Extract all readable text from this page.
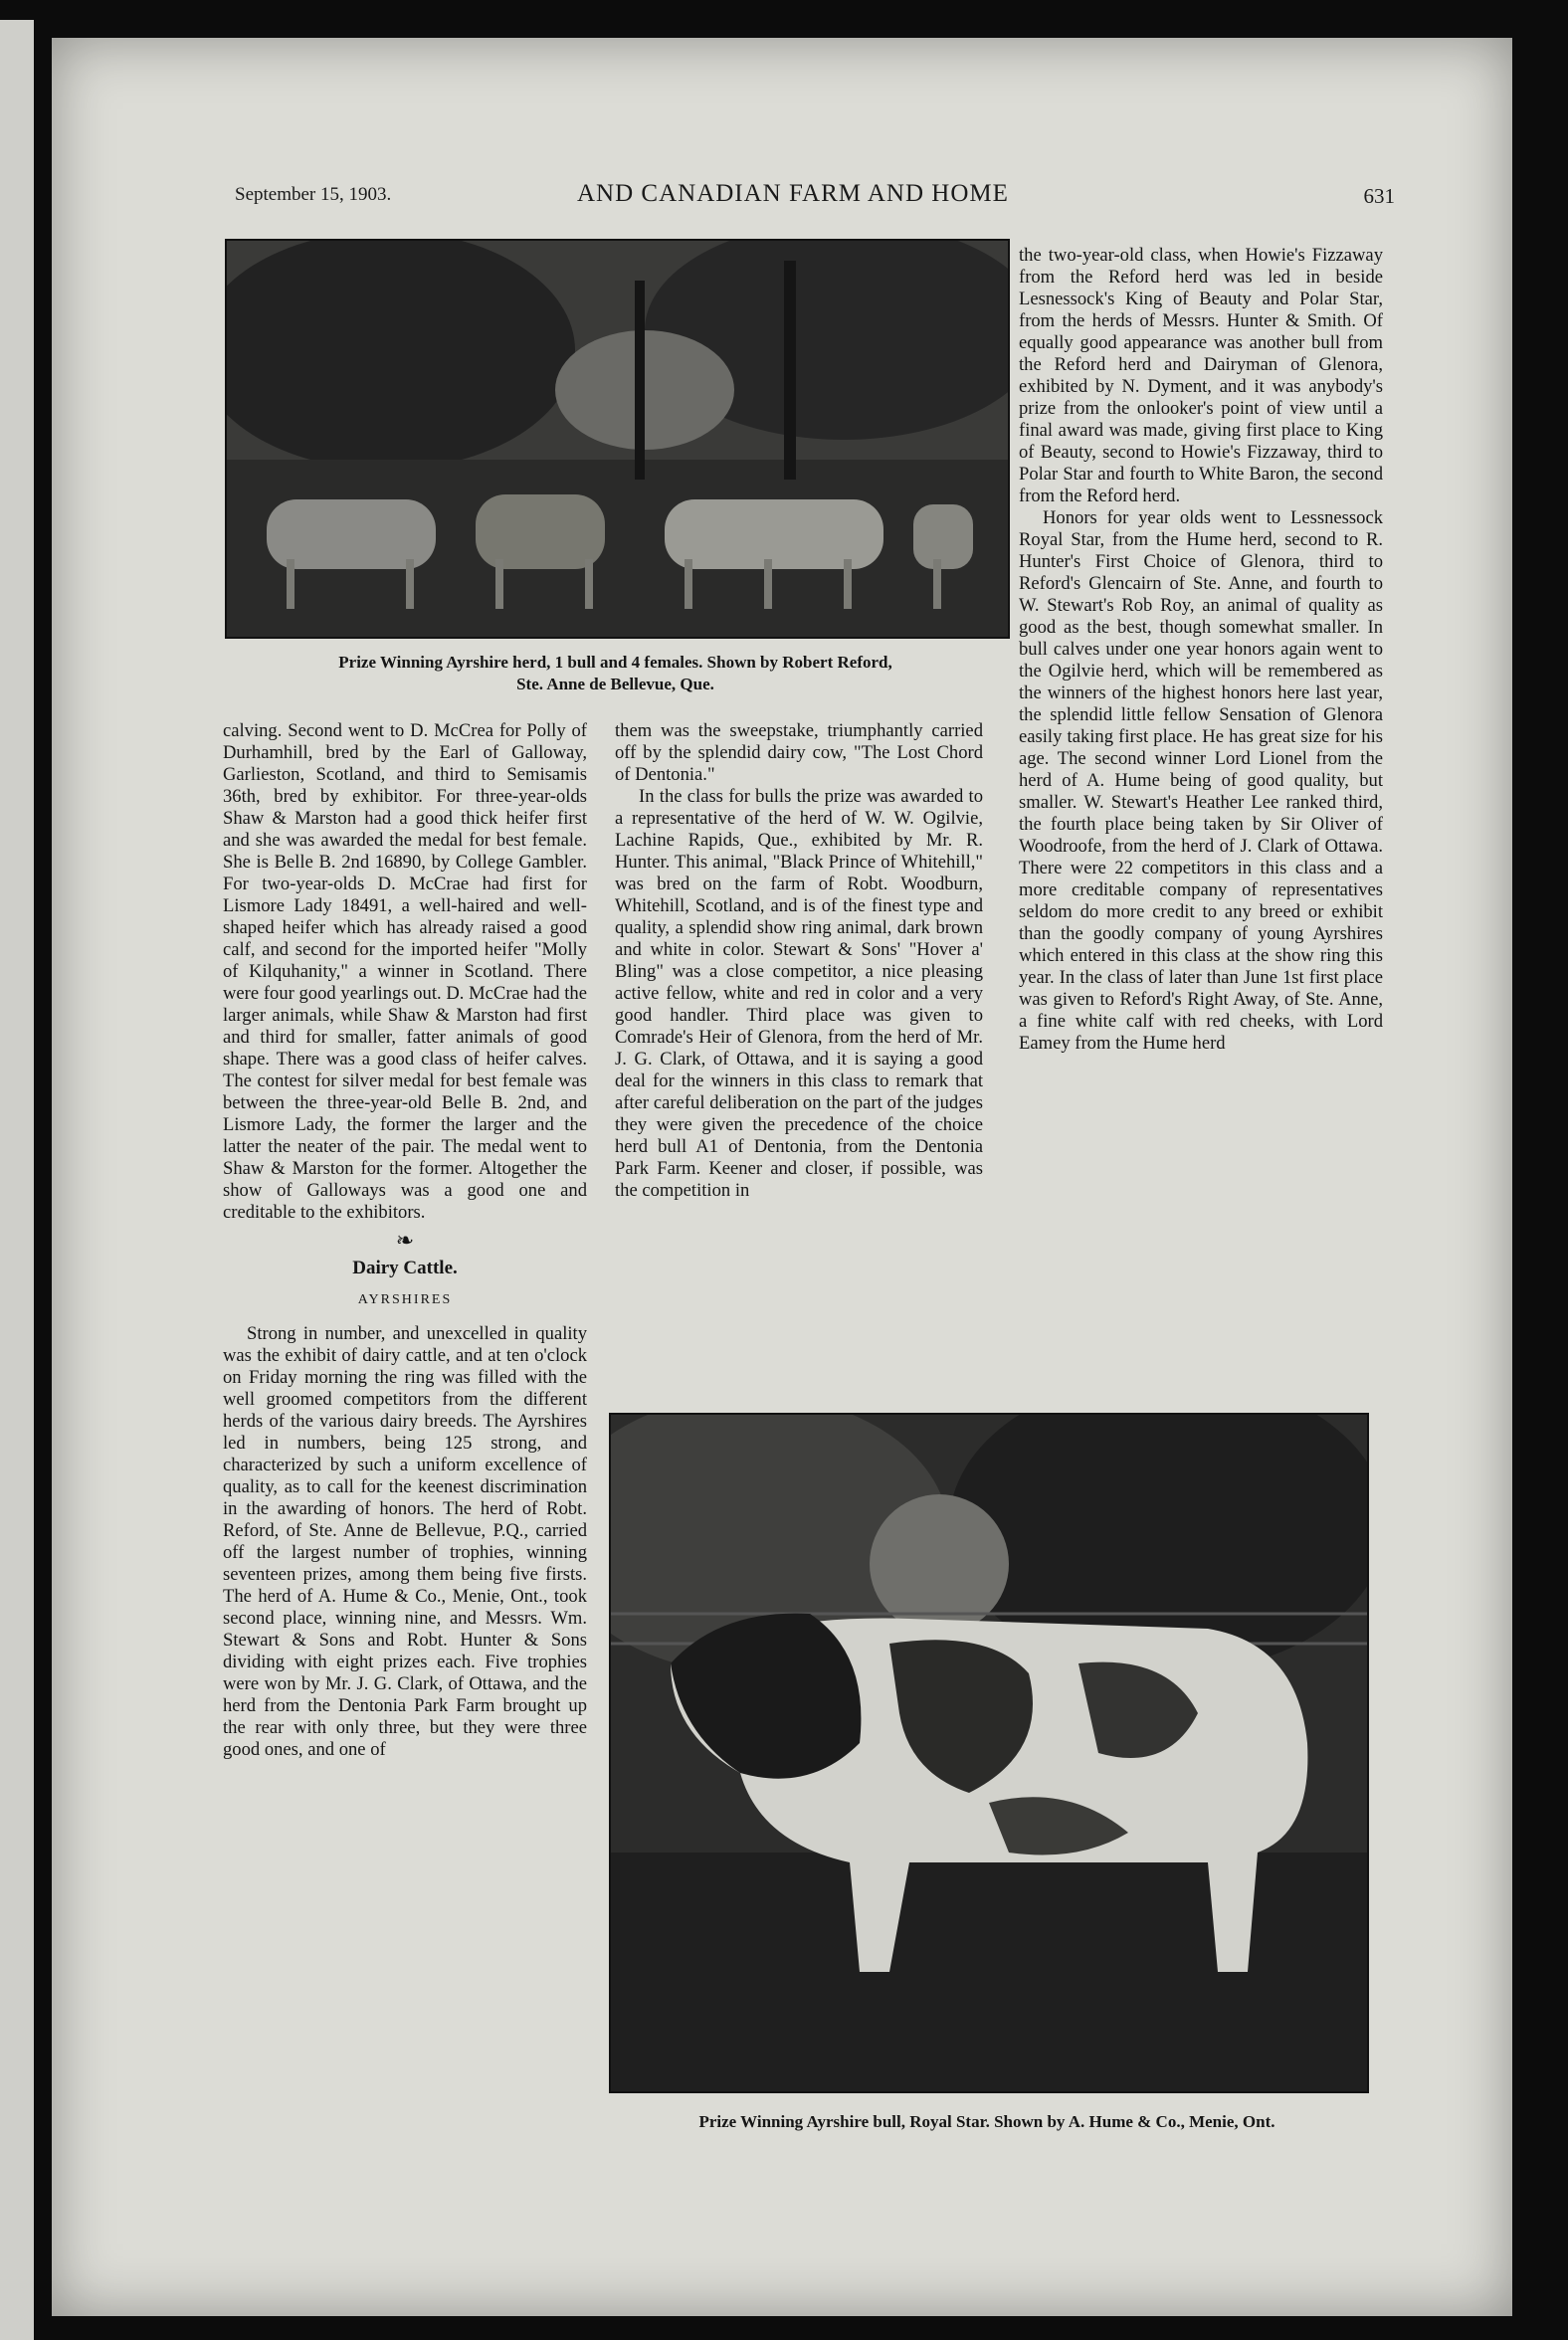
September 15, 1903.	AND CANADIAN FARM AND HOME	631
Prize Winning Ayrshire herd, 1 bull and 4 females. Shown by Robert Reford,
Ste. Anne de Bellevue, Que.

calving. Second went to D. McCrea for Polly of Durhamhill, bred by the Earl of Galloway, Garlieston, Scotland, and third to Semisamis 36th, bred by exhibitor. For three-year-olds Shaw & Marston had a good thick heifer first and she was awarded the medal for best female. She is Belle B. 2nd 16890, by College Gambler. For two-year-olds D. McCrae had first for Lismore Lady 18491, a well-haired and well-shaped heifer which has already raised a good calf, and second for the imported heifer "Molly of Kilquhanity," a winner in Scotland. There were four good yearlings out. D. McCrae had the larger animals, while Shaw & Marston had first and third for smaller, fatter animals of good shape. There was a good class of heifer calves. The contest for silver medal for best female was between the three-year-old Belle B. 2nd, and Lismore Lady, the former the larger and the latter the neater of the pair. The medal went to Shaw & Marston for the former. Altogether the show of Galloways was a good one and creditable to the exhibitors.

❧
Dairy Cattle.
AYRSHIRES

Strong in number, and unexcelled in quality was the exhibit of dairy cattle, and at ten o'clock on Friday morning the ring was filled with the well groomed competitors from the different herds of the various dairy breeds. The Ayrshires led in numbers, being 125 strong, and characterized by such a uniform excellence of quality, as to call for the keenest discrimination in the awarding of honors. The herd of Robt. Reford, of Ste. Anne de Bellevue, P.Q., carried off the largest number of trophies, winning seventeen prizes, among them being five firsts. The herd of A. Hume & Co., Menie, Ont., took second place, winning nine, and Messrs. Wm. Stewart & Sons and Robt. Hunter & Sons dividing with eight prizes each. Five trophies were won by Mr. J. G. Clark, of Ottawa, and the herd from the Dentonia Park Farm brought up the rear with only three, but they were three good ones, and one of

them was the sweepstake, triumphantly carried off by the splendid dairy cow, "The Lost Chord of Dentonia."

In the class for bulls the prize was awarded to a representative of the herd of W. W. Ogilvie, Lachine Rapids, Que., exhibited by Mr. R. Hunter. This animal, "Black Prince of Whitehill," was bred on the farm of Robt. Woodburn, Whitehill, Scotland, and is of the finest type and quality, a splendid show ring animal, dark brown and white in color. Stewart & Sons' "Hover a' Bling" was a close competitor, a nice pleasing active fellow, white and red in color and a very good handler. Third place was given to Comrade's Heir of Glenora, from the herd of Mr. J. G. Clark, of Ottawa, and it is saying a good deal for the winners in this class to remark that after careful deliberation on the part of the judges they were given the precedence of the choice herd bull A1 of Dentonia, from the Dentonia Park Farm. Keener and closer, if possible, was the competition in

the two-year-old class, when Howie's Fizzaway from the Reford herd was led in beside Lesnessock's King of Beauty and Polar Star, from the herds of Messrs. Hunter & Smith. Of equally good appearance was another bull from the Reford herd and Dairyman of Glenora, exhibited by N. Dyment, and it was anybody's prize from the onlooker's point of view until a final award was made, giving first place to King of Beauty, second to Howie's Fizzaway, third to Polar Star and fourth to White Baron, the second from the Reford herd.

Honors for year olds went to Lessnessock Royal Star, from the Hume herd, second to R. Hunter's First Choice of Glenora, third to Reford's Glencairn of Ste. Anne, and fourth to W. Stewart's Rob Roy, an animal of quality as good as the best, though somewhat smaller. In bull calves under one year honors again went to the Ogilvie herd, which will be remembered as the winners of the highest honors here last year, the splendid little fellow Sensation of Glenora easily taking first place. He has great size for his age. The second winner Lord Lionel from the herd of A. Hume being of good quality, but smaller. W. Stewart's Heather Lee ranked third, the fourth place being taken by Sir Oliver of Woodroofe, from the herd of J. Clark of Ottawa. There were 22 competitors in this class and a more creditable company of representatives seldom do more credit to any breed or exhibit than the goodly company of young Ayrshires which entered in this class at the show ring this year. In the class of later than June 1st first place was given to Reford's Right Away, of Ste. Anne, a fine white calf with red cheeks, with Lord Eamey from the Hume herd

Prize Winning Ayrshire bull, Royal Star. Shown by A. Hume & Co., Menie, Ont.
